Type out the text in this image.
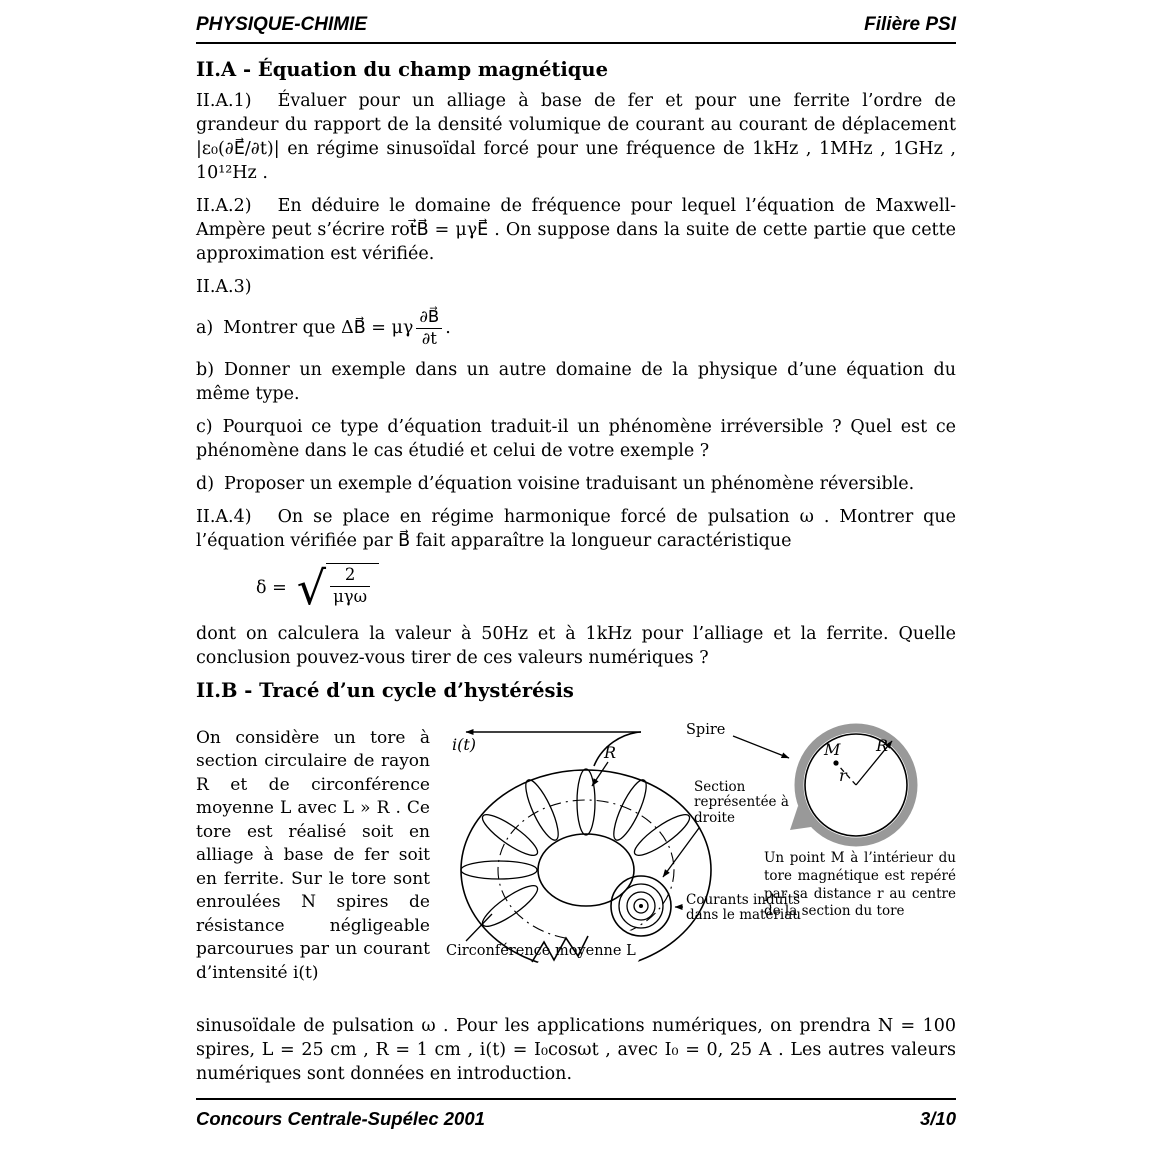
PHYSIQUE-CHIMIE	Filière PSI
II.A - Équation du champ magnétique

II.A.1) Évaluer pour un alliage à base de fer et pour une ferrite l’ordre de grandeur du rapport de la densité volumique de courant au courant de déplacement |ε₀(∂E⃗/∂t)| en régime sinusoïdal forcé pour une fréquence de 1kHz , 1MHz , 1GHz , 10¹²Hz .

II.A.2) En déduire le domaine de fréquence pour lequel l’équation de Maxwell-Ampère peut s’écrire rot⃗B⃗ = μγE⃗ . On suppose dans la suite de cette partie que cette approximation est vérifiée.

II.A.3)

a) Montrer que ΔB⃗ = μγ $\frac{\partial B⃗}{\partial t}$ .

b) Donner un exemple dans un autre domaine de la physique d’une équation du même type.

c) Pourquoi ce type d’équation traduit-il un phénomène irréversible ? Quel est ce phénomène dans le cas étudié et celui de votre exemple ?

d) Proposer un exemple d’équation voisine traduisant un phénomène réversible.

II.A.4) On se place en régime harmonique forcé de pulsation ω . Montrer que l’équation vérifiée par B⃗ fait apparaître la longueur caractéristique

δ = √ $\frac{2}{\text{μγω}}$

dont on calculera la valeur à 50Hz et à 1kHz pour l’alliage et la ferrite. Quelle conclusion pouvez-vous tirer de ces valeurs numériques ?

II.B - Tracé d’un cycle d’hystérésis

On considère un tore à section circulaire de rayon R et de circonférence moyenne L avec L » R . Ce tore est réalisé soit en alliage à base de fer soit en ferrite. Sur le tore sont enroulées N spires de résistance négligeable parcourues par un courant d’intensité i(t)

i(t)	R
Spire
Section représentée à droite
Courants induits dans le matériau
Circonférence moyenne L
M R
r
Un point M à l’intérieur du tore magnétique est repéré par sa distance r au centre de la section du tore

sinusoïdale de pulsation ω . Pour les applications numériques, on prendra N = 100 spires, L = 25 cm , R = 1 cm , i(t) = I₀cosωt , avec I₀ = 0, 25 A . Les autres valeurs numériques sont données en introduction.

Concours Centrale-Supélec 2001	3/10
